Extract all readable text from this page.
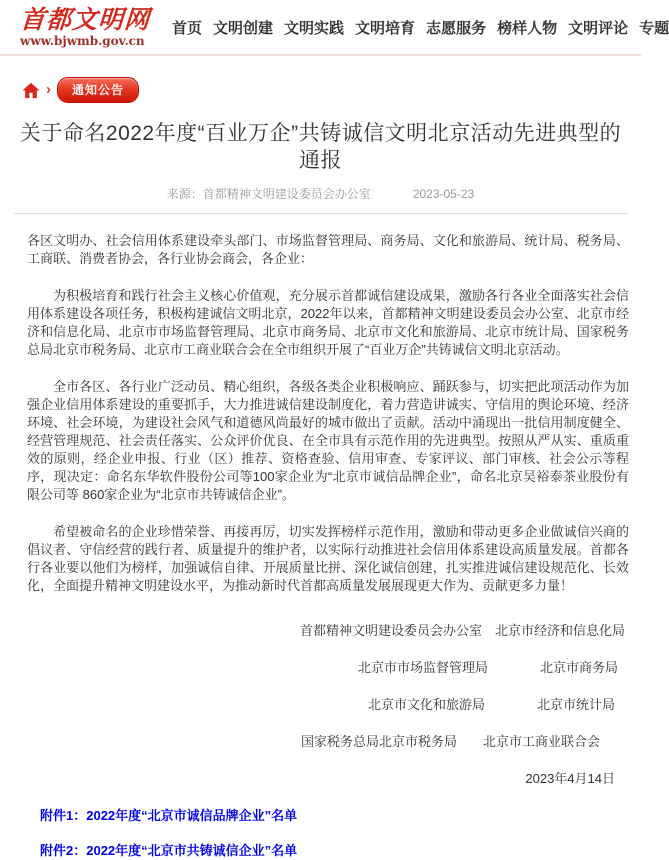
首都文明网
www.bjwmb.gov.cn
首页 文明创建 文明实践 文明培育 志愿服务 榜样人物 文明评论 专题
›	通知公告
关于命名2022年度“百业万企”共铸诚信文明北京活动先进典型的通报
来源：首都精神文明建设委员会办公室	2023-05-23

各区文明办、社会信用体系建设牵头部门、市场监督管理局、商务局、文化和旅游局、统计局、税务局、工商联、消费者协会，各行业协会商会，各企业：

为积极培育和践行社会主义核心价值观，充分展示首都诚信建设成果，激励各行各业全面落实社会信用体系建设各项任务，积极构建诚信文明北京，2022年以来，首都精神文明建设委员会办公室、北京市经济和信息化局、北京市市场监督管理局、北京市商务局、北京市文化和旅游局、北京市统计局、国家税务总局北京市税务局、北京市工商业联合会在全市组织开展了“百业万企”共铸诚信文明北京活动。

全市各区、各行业广泛动员、精心组织，各级各类企业积极响应、踊跃参与，切实把此项活动作为加强企业信用体系建设的重要抓手，大力推进诚信建设制度化，着力营造讲诚实、守信用的舆论环境、经济环境、社会环境，为建设社会风气和道德风尚最好的城市做出了贡献。活动中涌现出一批信用制度健全、经营管理规范、社会责任落实、公众评价优良、在全市具有示范作用的先进典型。按照从严从实、重质重效的原则，经企业申报、行业（区）推荐、资格查验、信用审查、专家评议、部门审核、社会公示等程序，现决定：命名东华软件股份公司等100家企业为“北京市诚信品牌企业”，命名北京吴裕泰茶业股份有限公司等 860家企业为“北京市共铸诚信企业”。

希望被命名的企业珍惜荣誉、再接再厉，切实发挥榜样示范作用，激励和带动更多企业做诚信兴商的倡议者、守信经营的践行者、质量提升的维护者，以实际行动推进社会信用体系建设高质量发展。首都各行各业要以他们为榜样，加强诚信自律、开展质量比拼、深化诚信创建，扎实推进诚信建设规范化、长效化，全面提升精神文明建设水平，为推动新时代首都高质量发展展现更大作为、贡献更多力量！

首都精神文明建设委员会办公室　北京市经济和信息化局
北京市市场监督管理局　　　　北京市商务局
北京市文化和旅游局　　　　北京市统计局
国家税务总局北京市税务局　　北京市工商业联合会
2023年4月14日
附件1：2022年度“北京市诚信品牌企业”名单
附件2：2022年度“北京市共铸诚信企业”名单
